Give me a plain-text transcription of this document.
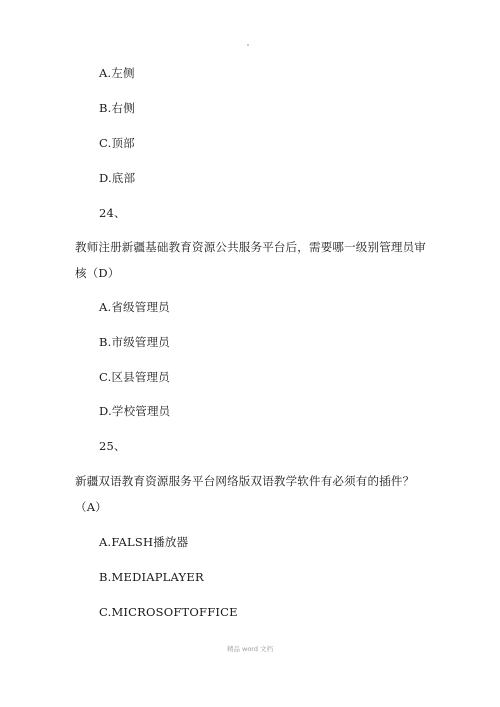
A.左侧
B.右侧
C.顶部
D.底部
24、
教师注册新疆基础教育资源公共服务平台后，需要哪一级别管理员审
核（D）
A.省级管理员
B.市级管理员
C.区县管理员
D.学校管理员
25、
新疆双语教育资源服务平台网络版双语教学软件有必须有的插件？
（A）
A.FALSH播放器
B.MEDIAPLAYER
C.MICROSOFTOFFICE
精品 word 文档
